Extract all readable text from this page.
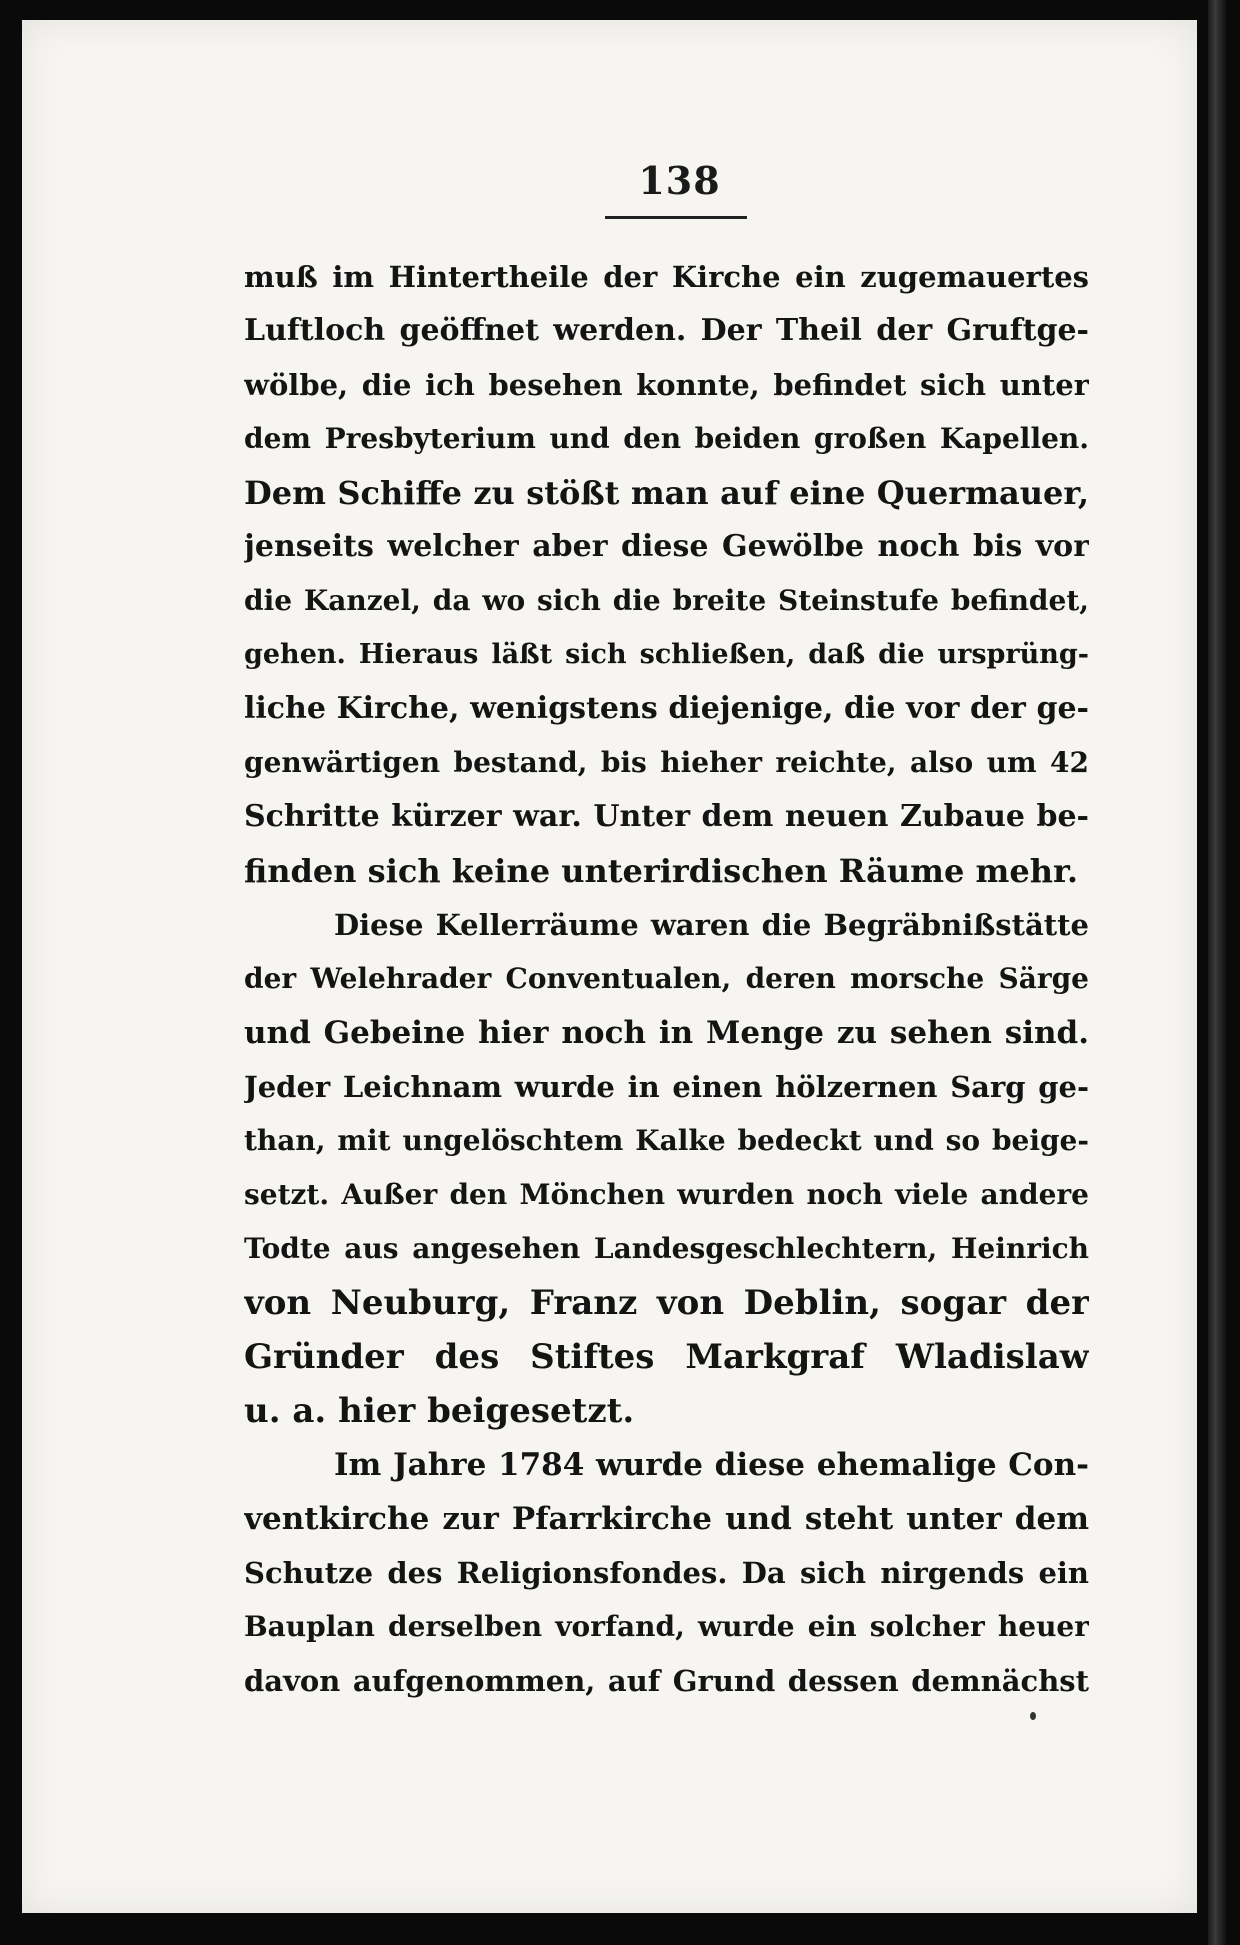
138
muß im Hintertheile der Kirche ein zugemauertes
Luftloch geöffnet werden. Der Theil der Gruftge-
wölbe, die ich besehen konnte, befindet sich unter
dem Presbyterium und den beiden großen Kapellen.
Dem Schiffe zu stößt man auf eine Quermauer,
jenseits welcher aber diese Gewölbe noch bis vor
die Kanzel, da wo sich die breite Steinstufe befindet,
gehen. Hieraus läßt sich schließen, daß die ursprüng-
liche Kirche, wenigstens diejenige, die vor der ge-
genwärtigen bestand, bis hieher reichte, also um 42
Schritte kürzer war. Unter dem neuen Zubaue be-
finden sich keine unterirdischen Räume mehr.
Diese Kellerräume waren die Begräbnißstätte
der Welehrader Conventualen, deren morsche Särge
und Gebeine hier noch in Menge zu sehen sind.
Jeder Leichnam wurde in einen hölzernen Sarg ge-
than, mit ungelöschtem Kalke bedeckt und so beige-
setzt. Außer den Mönchen wurden noch viele andere
Todte aus angesehen Landesgeschlechtern, Heinrich
von Neuburg, Franz von Deblin, sogar der
Gründer des Stiftes Markgraf Wladislaw
u. a. hier beigesetzt.
Im Jahre 1784 wurde diese ehemalige Con-
ventkirche zur Pfarrkirche und steht unter dem
Schutze des Religionsfondes. Da sich nirgends ein
Bauplan derselben vorfand, wurde ein solcher heuer
davon aufgenommen, auf Grund dessen demnächst
